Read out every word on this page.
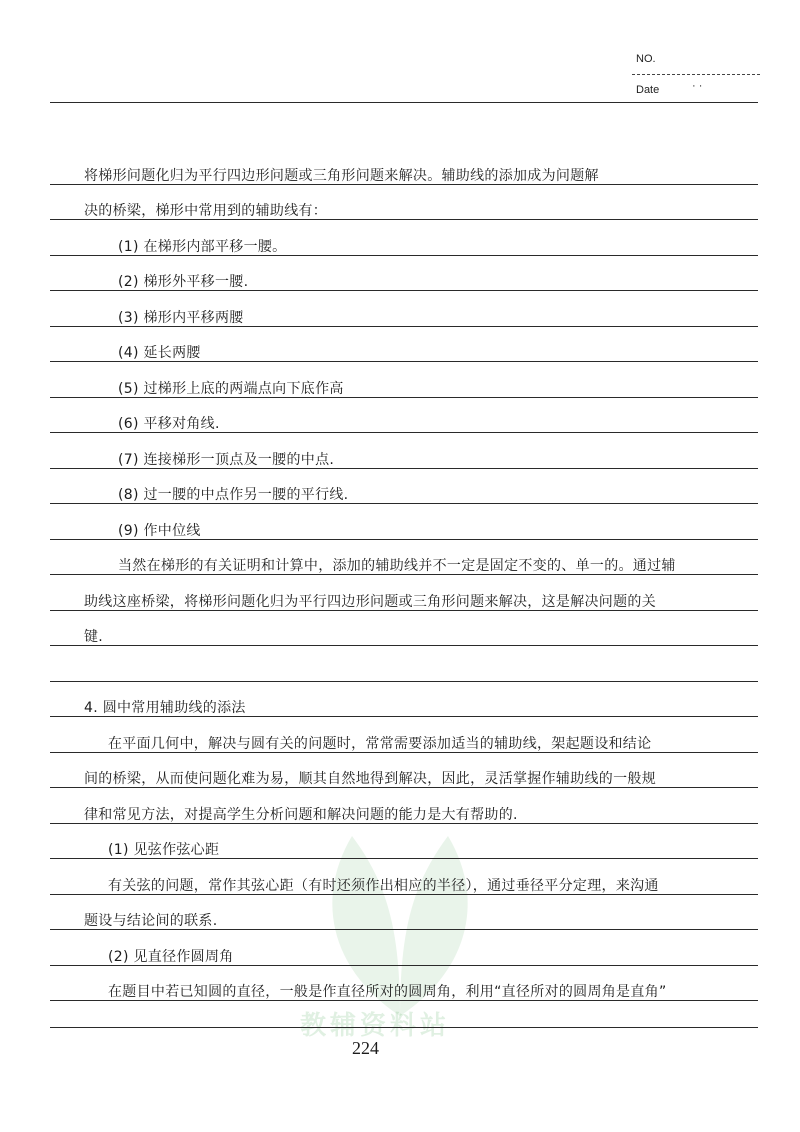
NO.
Date	· ·
教辅资料站
将梯形问题化归为平行四边形问题或三角形问题来解决。辅助线的添加成为问题解
决的桥梁，梯形中常用到的辅助线有：
(1) 在梯形内部平移一腰。
(2) 梯形外平移一腰.
(3) 梯形内平移两腰
(4) 延长两腰
(5) 过梯形上底的两端点向下底作高
(6) 平移对角线.
(7) 连接梯形一顶点及一腰的中点.
(8) 过一腰的中点作另一腰的平行线.
(9) 作中位线
当然在梯形的有关证明和计算中，添加的辅助线并不一定是固定不变的、单一的。通过辅
助线这座桥梁，将梯形问题化归为平行四边形问题或三角形问题来解决，这是解决问题的关
键.
4. 圆中常用辅助线的添法
在平面几何中，解决与圆有关的问题时，常常需要添加适当的辅助线，架起题设和结论
间的桥梁，从而使问题化难为易，顺其自然地得到解决，因此，灵活掌握作辅助线的一般规
律和常见方法，对提高学生分析问题和解决问题的能力是大有帮助的.
(1) 见弦作弦心距
有关弦的问题，常作其弦心距（有时还须作出相应的半径），通过垂径平分定理，来沟通
题设与结论间的联系.
(2) 见直径作圆周角
在题目中若已知圆的直径，一般是作直径所对的圆周角，利用“直径所对的圆周角是直角”
224
